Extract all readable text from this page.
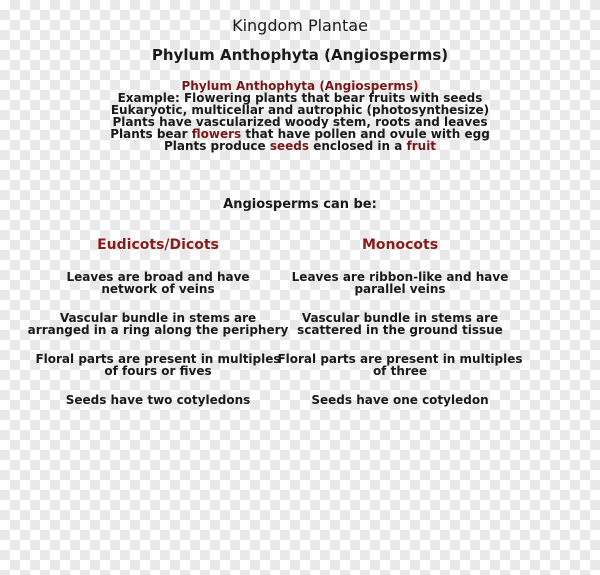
Kingdom Plantae
Phylum Anthophyta (Angiosperms)
Phylum Anthophyta (Angiosperms)
Example: Flowering plants that bear fruits with seeds
Eukaryotic, multicellar and autrophic (photosynthesize)
Plants have vascularized woody stem, roots and leaves
Plants bear flowers that have pollen and ovule with egg
Plants produce seeds enclosed in a fruit
Angiosperms can be:
Eudicots/Dicots
Leaves are broad and have
network of veins
Vascular bundle in stems are
arranged in a ring along the periphery
Floral parts are present in multiples
of fours or fives
Seeds have two cotyledons
Monocots
Leaves are ribbon-like and have
parallel veins
Vascular bundle in stems are
scattered in the ground tissue
Floral parts are present in multiples
of three
Seeds have one cotyledon
